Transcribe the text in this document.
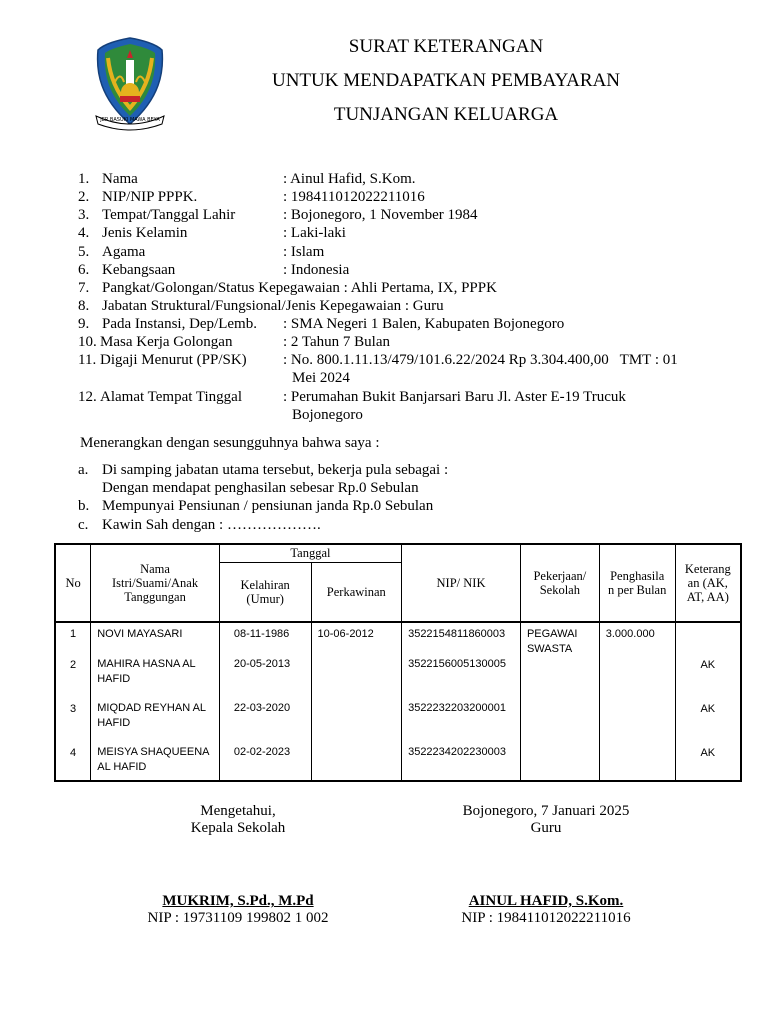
JER BASUKI MAWA BEYA
SURAT KETERANGAN
UNTUK MENDAPATKAN PEMBAYARAN
TUNJANGAN KELUARGA
1. Nama	: Ainul Hafid, S.Kom.
2. NIP/NIP PPPK.	: 198411012022211016
3. Tempat/Tanggal Lahir	: Bojonegoro, 1 November 1984
4. Jenis Kelamin	: Laki-laki
5. Agama	: Islam
6. Kebangsaan	: Indonesia
7. Pangkat/Golongan/Status Kepegawaian : Ahli Pertama, IX, PPPK
8. Jabatan Struktural/Fungsional/Jenis Kepegawaian : Guru
9. Pada Instansi, Dep/Lemb. : SMA Negeri 1 Balen, Kabupaten Bojonegoro
10. Masa Kerja Golongan	: 2 Tahun 7 Bulan
11. Digaji Menurut (PP/SK) : No. 800.1.11.13/479/101.6.22/2024 Rp 3.304.400,00   TMT : 01
Mei 2024
12. Alamat Tempat Tinggal	: Perumahan Bukit Banjarsari Baru Jl. Aster E-19 Trucuk
Bojonegoro
Menerangkan dengan sesungguhnya bahwa saya :
a. Di samping jabatan utama tersebut, bekerja pula sebagai :
Dengan mendapat penghasilan sebesar Rp.0 Sebulan
b. Mempunyai Pensiunan / pensiunan janda Rp.0 Sebulan
c. Kawin Sah dengan : ……………….
No	Nama Istri/Suami/Anak Tanggungan	Tanggal		NIP/ NIK	Pekerjaan/ Sekolah	Penghasila n per Bulan	Keterang an (AK, AT, AA)
		Kelahiran (Umur)	Perkawinan				
1	NOVI MAYASARI	08-11-1986	10-06-2012	3522154811860003	PEGAWAI SWASTA	3.000.000	
2	MAHIRA HASNA AL HAFID	20-05-2013		3522156005130005			AK
3	MIQDAD REYHAN AL HAFID	22-03-2020		3522232203200001			AK
4	MEISYA SHAQUEENA AL HAFID	02-02-2023		3522234202230003			AK
Mengetahui,
Kepala Sekolah
Bojonegoro, 7 Januari 2025
Guru
MUKRIM, S.Pd., M.Pd
NIP : 19731109 199802 1 002
AINUL HAFID, S.Kom.
NIP : 198411012022211016
